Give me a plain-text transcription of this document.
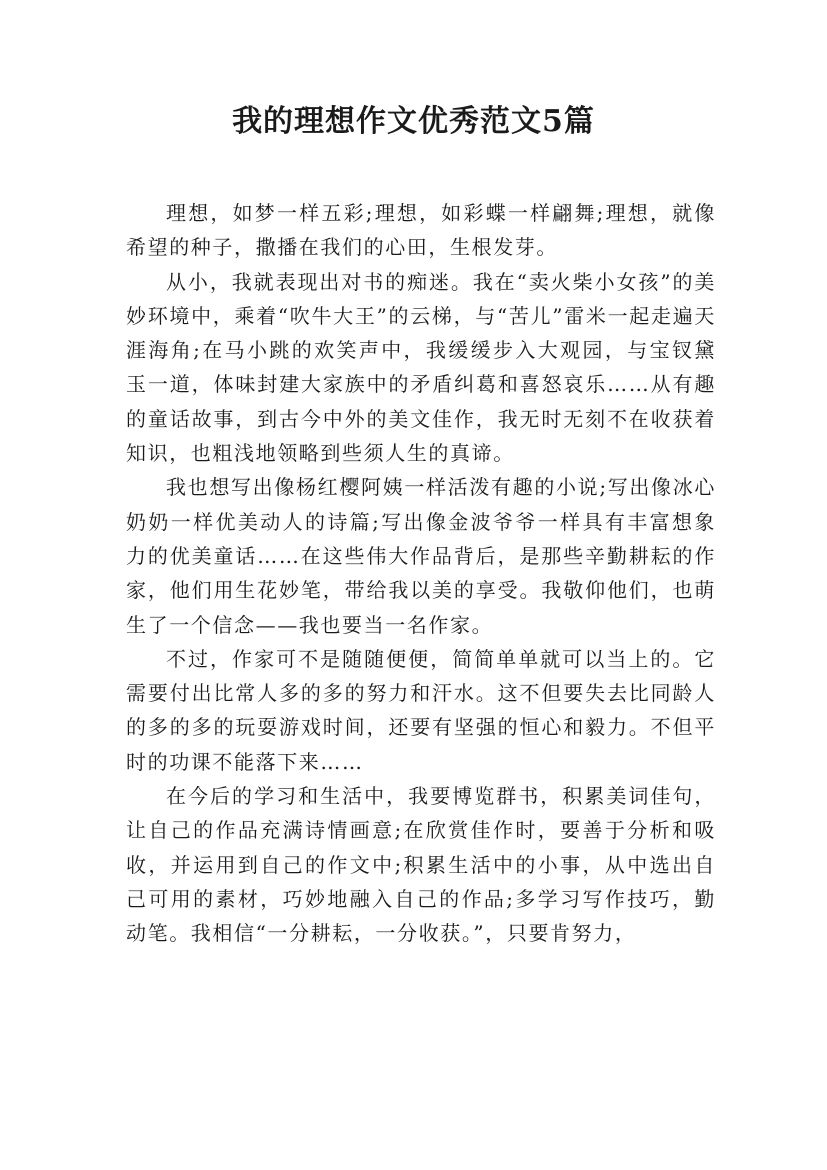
我的理想作文优秀范文5篇

理想，如梦一样五彩;理想，如彩蝶一样翩舞;理想，就像希望的种子，撒播在我们的心田，生根发芽。

从小，我就表现出对书的痴迷。我在“卖火柴小女孩”的美妙环境中，乘着“吹牛大王”的云梯，与“苦儿”雷米一起走遍天涯海角;在马小跳的欢笑声中，我缓缓步入大观园，与宝钗黛玉一道，体味封建大家族中的矛盾纠葛和喜怒哀乐……从有趣的童话故事，到古今中外的美文佳作，我无时无刻不在收获着知识，也粗浅地领略到些须人生的真谛。

我也想写出像杨红樱阿姨一样活泼有趣的小说;写出像冰心奶奶一样优美动人的诗篇;写出像金波爷爷一样具有丰富想象力的优美童话……在这些伟大作品背后，是那些辛勤耕耘的作家，他们用生花妙笔，带给我以美的享受。我敬仰他们，也萌生了一个信念——我也要当一名作家。

不过，作家可不是随随便便，简简单单就可以当上的。它需要付出比常人多的多的努力和汗水。这不但要失去比同龄人的多的多的玩耍游戏时间，还要有坚强的恒心和毅力。不但平时的功课不能落下来……

在今后的学习和生活中，我要博览群书，积累美词佳句，让自己的作品充满诗情画意;在欣赏佳作时，要善于分析和吸收，并运用到自己的作文中;积累生活中的小事，从中选出自己可用的素材，巧妙地融入自己的作品;多学习写作技巧，勤动笔。我相信“一分耕耘，一分收获。”，只要肯努力，
